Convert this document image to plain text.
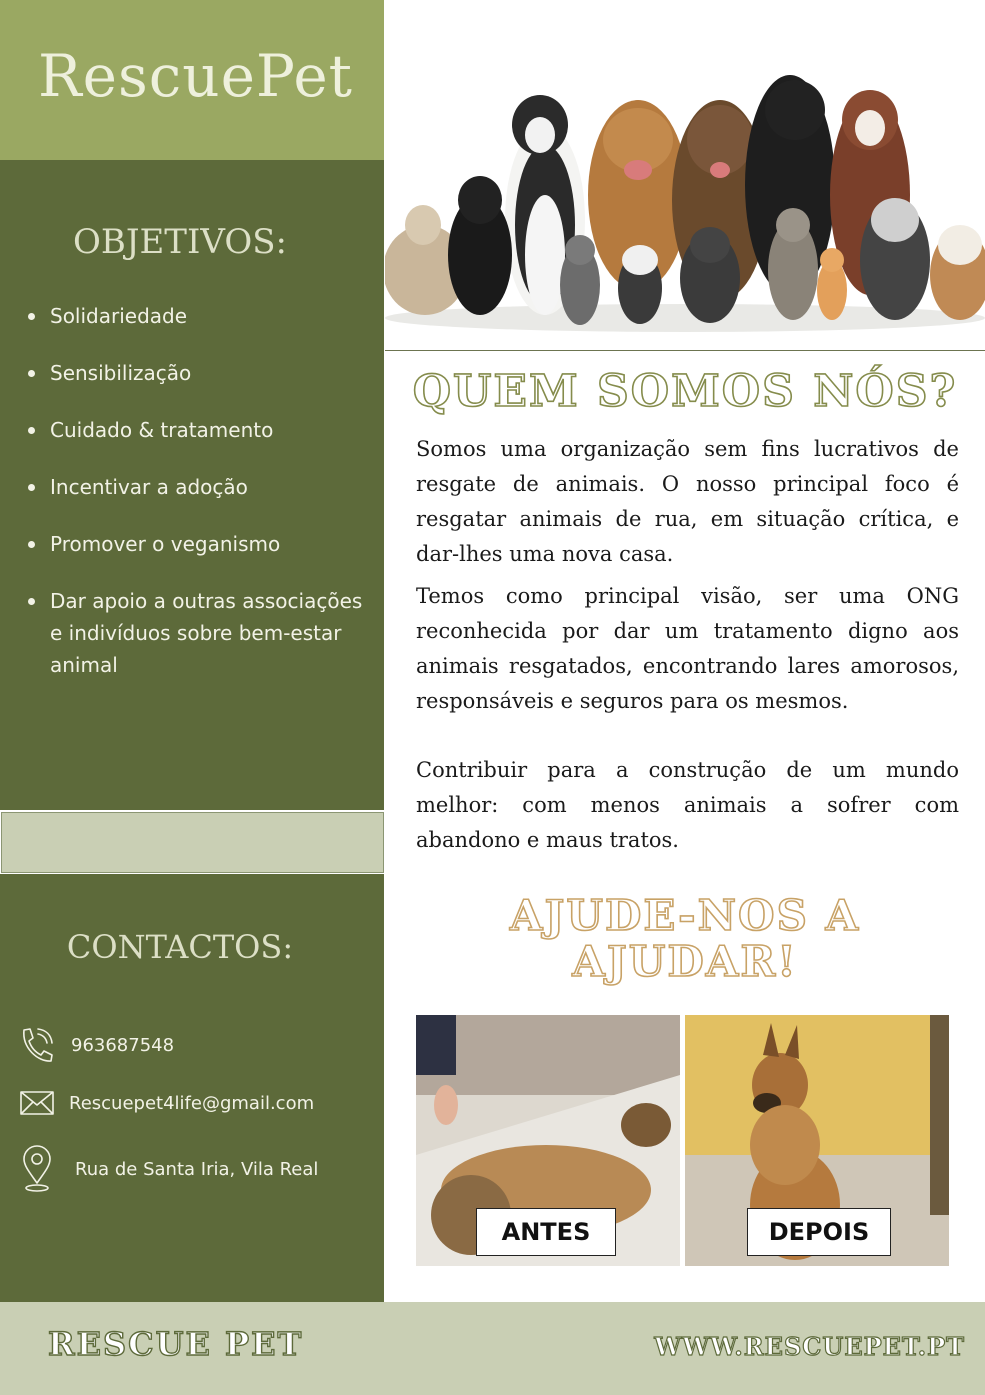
RescuePet
OBJETIVOS:
Solidariedade
Sensibilização
Cuidado & tratamento
Incentivar a adoção
Promover o veganismo
Dar apoio a outras associações e indivíduos sobre bem-estar animal
CONTACTOS:
963687548
Rescuepet4life@gmail.com
Rua de Santa Iria, Vila Real
QUEM SOMOS NÓS?

Somos uma organização sem fins lucrativos de resgate de animais. O nosso principal foco é resgatar animais de rua, em situação crítica, e dar-lhes uma nova casa.

Temos como principal visão, ser uma ONG reconhecida por dar um tratamento digno aos animais resgatados, encontrando lares amorosos, responsáveis e seguros para os mesmos.

Contribuir para a construção de um mundo melhor: com menos animais a sofrer com abandono e maus tratos.

AJUDE-NOS A AJUDAR!
ANTES	DEPOIS
RESCUE PET	WWW.RESCUEPET.PT
